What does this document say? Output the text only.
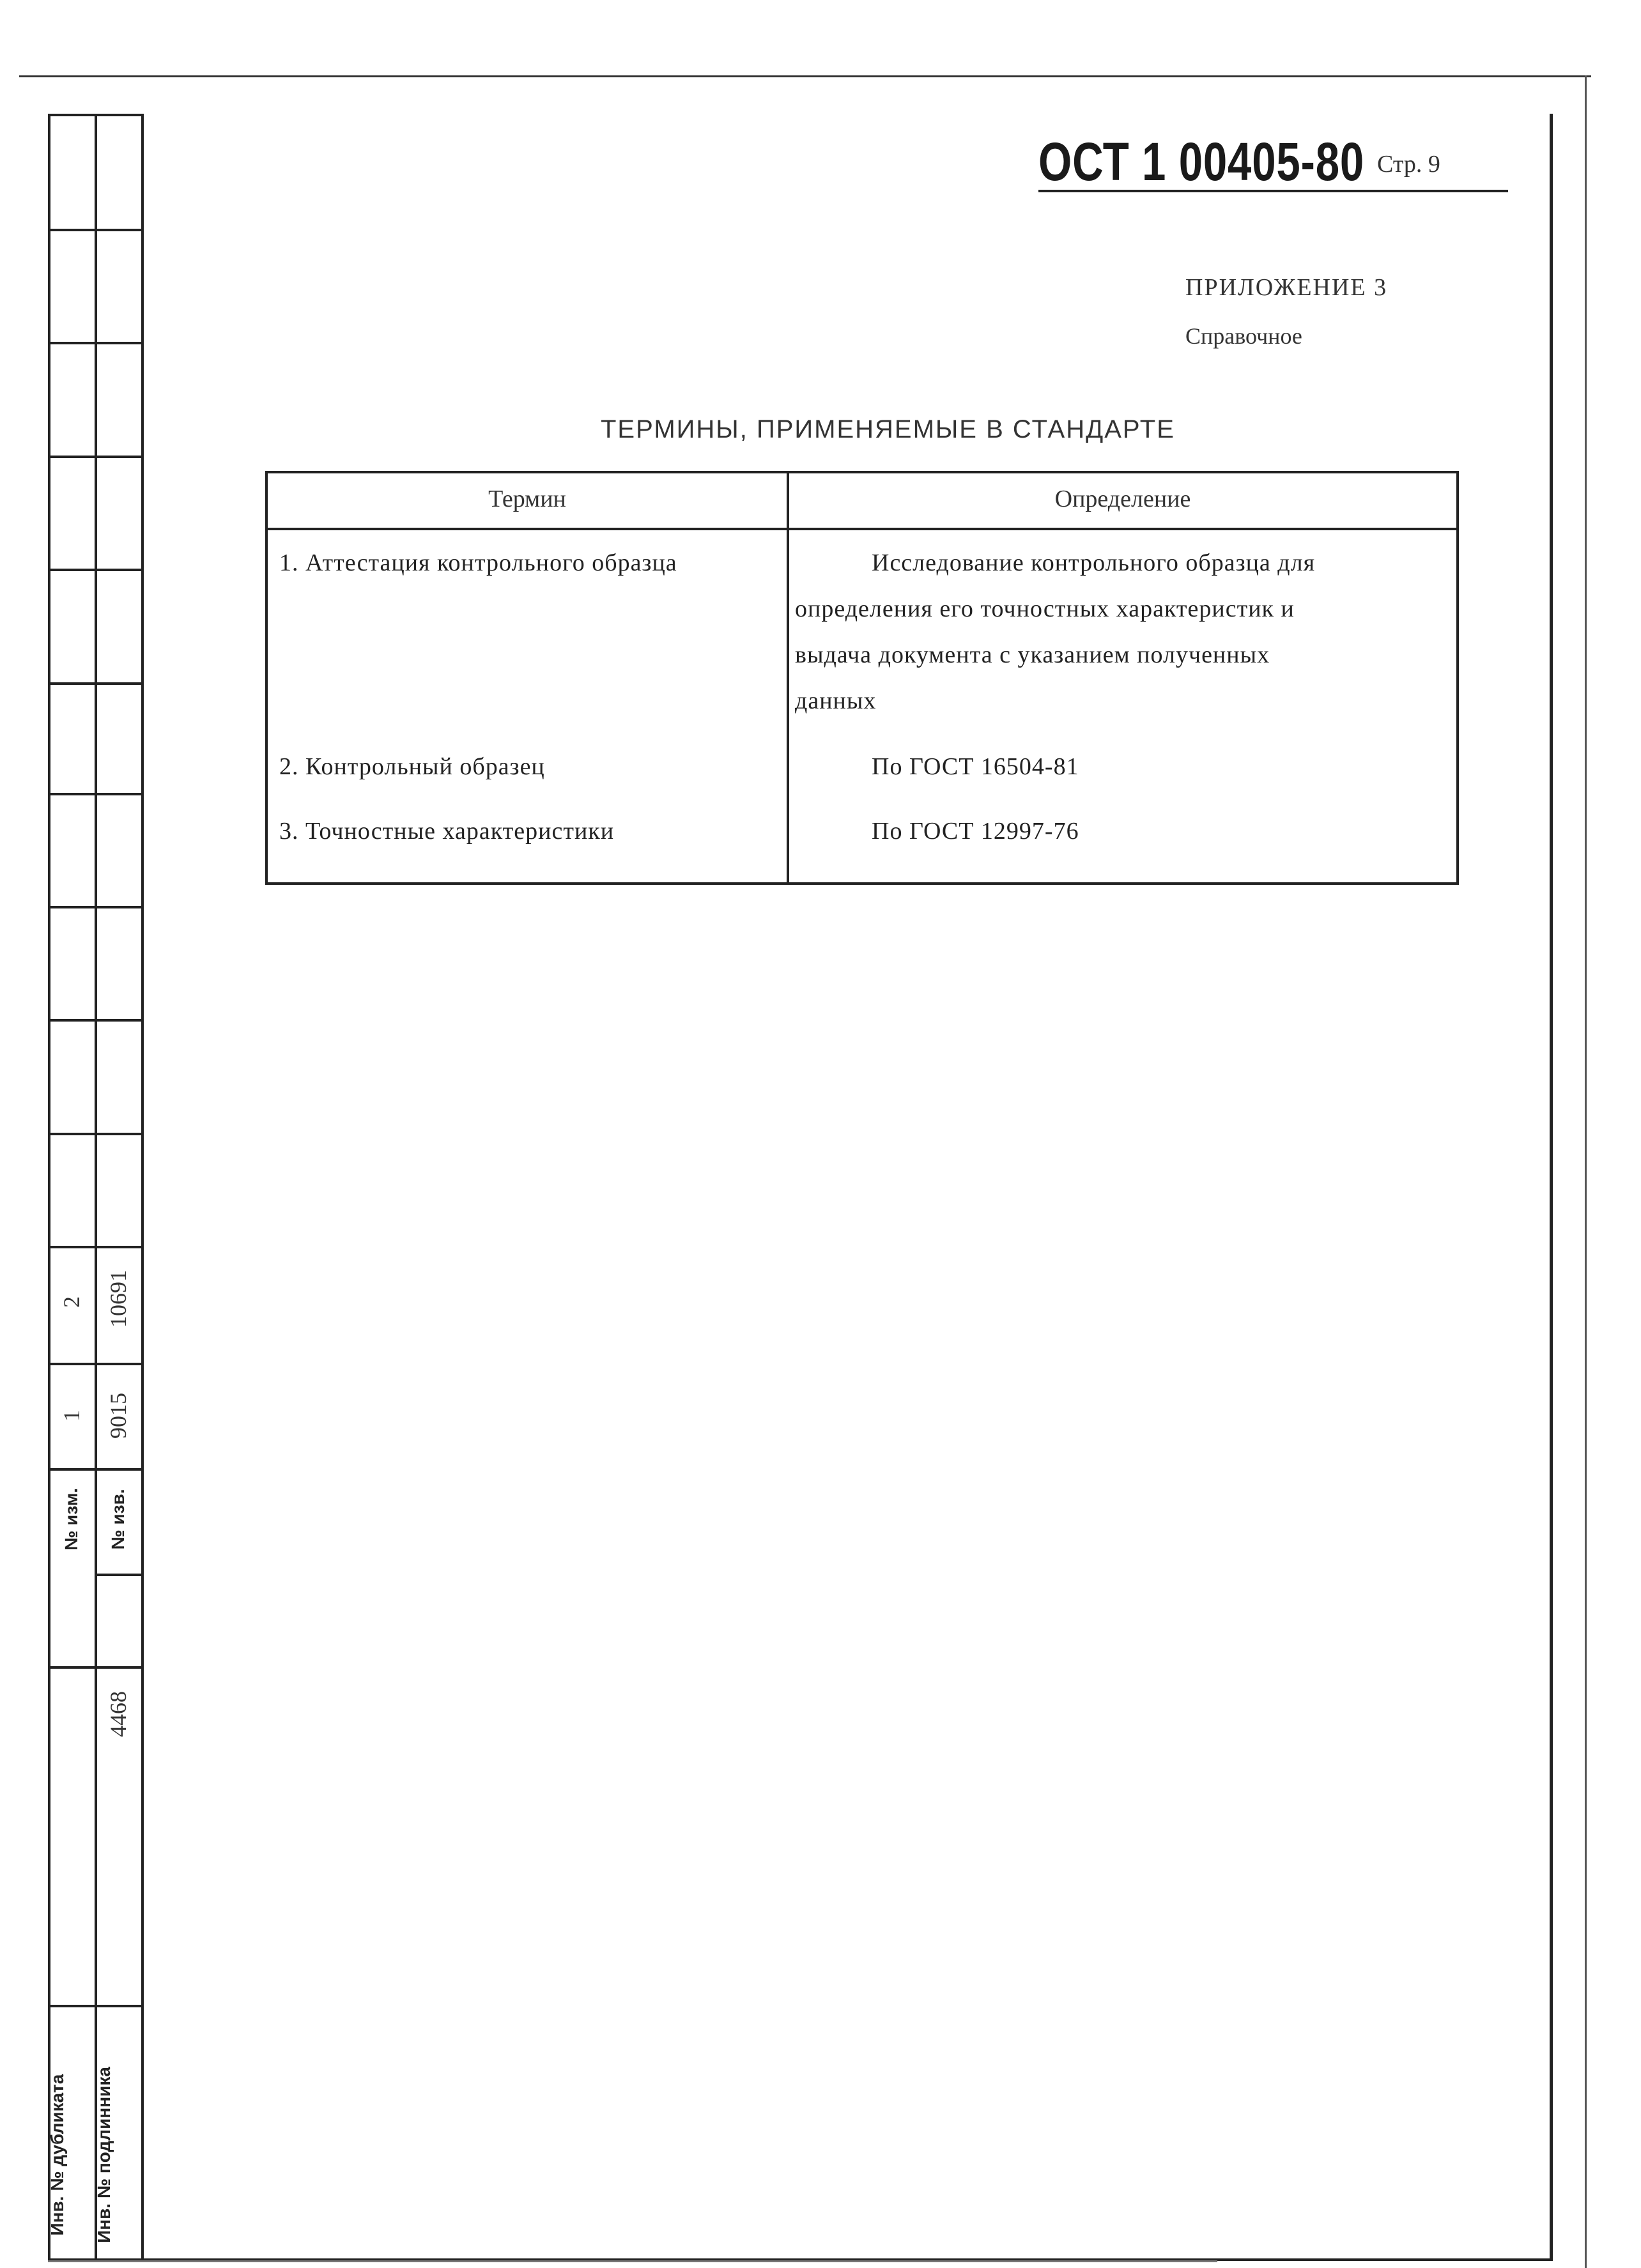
2 10691
1 9015
№ изм. № изв.
4468
Инв. № дубликата Инв. № подлинника
ОСТ 1 00405-80 Стр. 9
ПРИЛОЖЕНИЕ 3
Справочное
ТЕРМИНЫ, ПРИМЕНЯЕМЫЕ В СТАНДАРТЕ
Термин	Определение
1. Аттестация контрольного образца	Исследование контрольного образца для
определения его точностных характеристик и
выдача документа с указанием полученных
данных
2. Контрольный образец	По ГОСТ 16504-81
3. Точностные характеристики	По ГОСТ 12997-76
